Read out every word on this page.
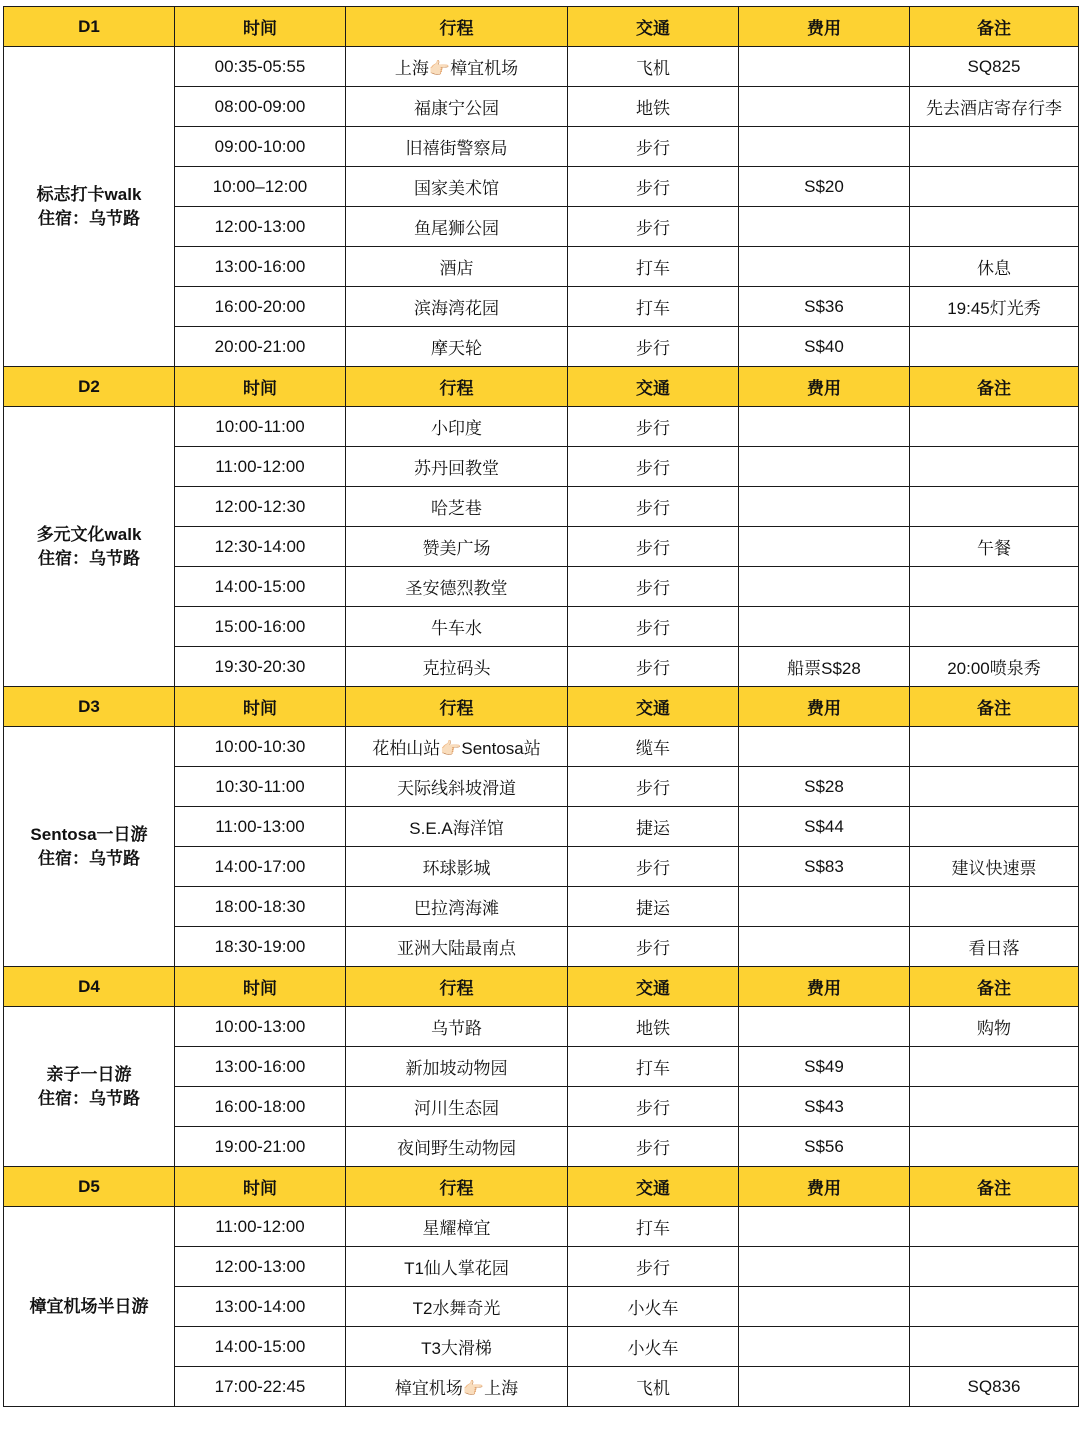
D1	时间	行程	交通	费用	备注

标志打卡walk
住宿：乌节路	00:35-05:55	上海👉🏻樟宜机场	飞机		SQ825
	08:00-09:00	福康宁公园	地铁		先去酒店寄存行李
	09:00-10:00	旧禧街警察局	步行		
	10:00–12:00	国家美术馆	步行	S$20	
	12:00-13:00	鱼尾狮公园	步行		
	13:00-16:00	酒店	打车		休息
	16:00-20:00	滨海湾花园	打车	S$36	19:45灯光秀
	20:00-21:00	摩天轮	步行	S$40	
D2	时间	行程	交通	费用	备注

多元文化walk
住宿：乌节路	10:00-11:00	小印度	步行		
	11:00-12:00	苏丹回教堂	步行		
	12:00-12:30	哈芝巷	步行		
	12:30-14:00	赞美广场	步行		午餐
	14:00-15:00	圣安德烈教堂	步行		
	15:00-16:00	牛车水	步行		
	19:30-20:30	克拉码头	步行	船票S$28	20:00喷泉秀
D3	时间	行程	交通	费用	备注

Sentosa一日游
住宿：乌节路	10:00-10:30	花柏山站👉🏻Sentosa站	缆车		
	10:30-11:00	天际线斜坡滑道	步行	S$28	
	11:00-13:00	S.E.A海洋馆	捷运	S$44	
	14:00-17:00	环球影城	步行	S$83	建议快速票
	18:00-18:30	巴拉湾海滩	捷运		
	18:30-19:00	亚洲大陆最南点	步行		看日落
D4	时间	行程	交通	费用	备注

亲子一日游
住宿：乌节路	10:00-13:00	乌节路	地铁		购物
	13:00-16:00	新加坡动物园	打车	S$49	
	16:00-18:00	河川生态园	步行	S$43	
	19:00-21:00	夜间野生动物园	步行	S$56	
D5	时间	行程	交通	费用	备注

樟宜机场半日游	11:00-12:00	星耀樟宜	打车		
	12:00-13:00	T1仙人掌花园	步行		
	13:00-14:00	T2水舞奇光	小火车		
	14:00-15:00	T3大滑梯	小火车		
	17:00-22:45	樟宜机场👉🏻上海	飞机		SQ836
